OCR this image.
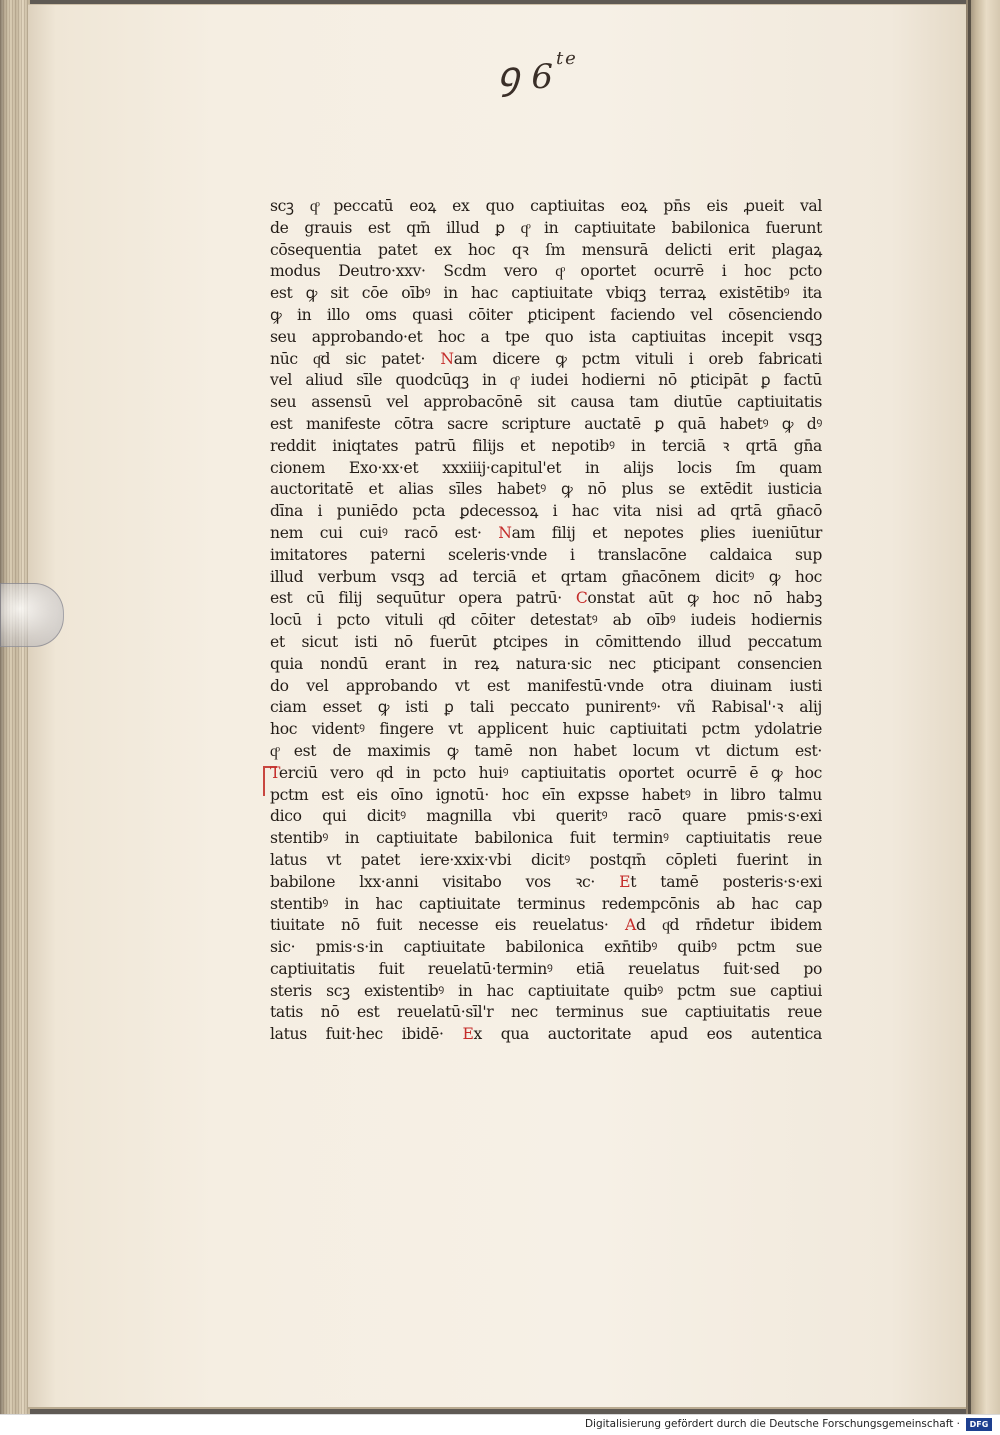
ꝯ $6^{te}$
scꝫ qͦ peccatū eoꝝ ex quo captiuitas eoꝝ pn̄s eis ꝓueit val
de grauis est qm̄ illud ꝑ qͦ in captiuitate babilonica fuerunt
cōsequentia patet ex hoc qꝛ ſm mensurā delicti erit plagaꝝ
modus Deutro·xxv· Scdm vero qͦ oportet ocurrē i hoc pcto
est ꝙ sit cōe oībꝰ in hac captiuitate vbiqꝫ terraꝝ existētibꝰ ita
ꝙ in illo oms quasi cōiter ꝑticipent faciendo vel cōsenciendo
seu approbando·et hoc a tpe quo ista captiuitas incepit vsqꝫ
nūc qͦd sic patet· Nam dicere ꝙ pctm vituli i oreb fabricati
vel aliud sīle quodcūqꝫ in qͦ iudei hodierni nō ꝑticipāt ꝑ factū
seu assensū vel approbacōnē sit causa tam diutūe captiuitatis
est manifeste cōtra sacre scripture auctatē ꝑ quā habetꝰ ꝙ dꝰ
reddit iniqtates patrū filijs et nepotibꝰ in terciā ꝛ qrtā gn̄a
cionem Exo·xx·et xxxiiij·capitul'et in alijs locis ſm quam
auctoritatē et alias sīles habetꝰ ꝙ nō plus se extēdit iusticia
dīna i puniēdo pcta ꝑdecessoꝝ i hac vita nisi ad qrtā gn̄acō
nem cui cuiꝰ racō est· Nam filij et nepotes ꝑlies iueniūtur
imitatores paterni sceleris·vnde i translacōne caldaica sup
illud verbum vsqꝫ ad terciā et qrtam gn̄acōnem dicitꝰ ꝙ hoc
est cū filij sequūtur opera patrū· Constat aūt ꝙ hoc nō habꝫ
locū i pcto vituli qͦd cōiter detestatꝰ ab oībꝰ iudeis hodiernis
et sicut isti nō fuerūt ꝑtcipes in cōmittendo illud peccatum
quia nondū erant in reꝝ natura·sic nec ꝑticipant consencien
do vel approbando vt est manifestū·vnde otra diuinam iusti
ciam esset ꝙ isti ꝑ tali peccato punirentꝰ· vñ Rabisal'·ꝛ alij
hoc videntꝰ fingere vt applicent huic captiuitati pctm ydolatrie
qͦ est de maximis ꝙ tamē non habet locum vt dictum est·
Terciū vero qͦd in pcto huiꝰ captiuitatis oportet ocurrē ē ꝙ hoc
pctm est eis oīno ignotū· hoc eīn expsse habetꝰ in libro talmu
dico qui dicitꝰ magnilla vbi queritꝰ racō quare pmis·s·exi
stentibꝰ in captiuitate babilonica fuit terminꝰ captiuitatis reue
latus vt patet iere·xxix·vbi dicitꝰ postqm̄ cōpleti fuerint in
babilone lxx·anni visitabo vos ꝛc· Et tamē posteris·s·exi
stentibꝰ in hac captiuitate terminus redempcōnis ab hac cap
tiuitate nō fuit necesse eis reuelatus· Ad qͦd rn̄detur ibidem
sic· pmis·s·in captiuitate babilonica exn̄tibꝰ quibꝰ pctm sue
captiuitatis fuit reuelatū·terminꝰ etiā reuelatus fuit·sed po
steris scꝫ existentibꝰ in hac captiuitate quibꝰ pctm sue captiui
tatis nō est reuelatū·sīl'r nec terminus sue captiuitatis reue
latus fuit·hec ibidē· Ex qua auctoritate apud eos autentica
Digitalisierung gefördert durch die Deutsche Forschungsgemeinschaft ·	DFG
